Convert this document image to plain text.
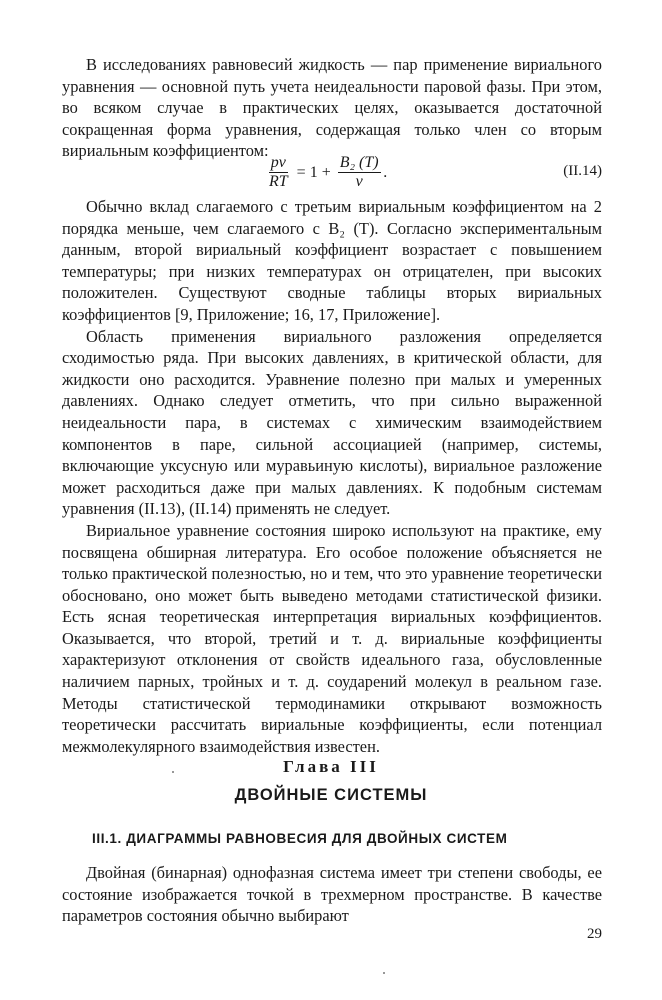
В исследованиях равновесий жидкость — пар применение вириального уравнения — основной путь учета неидеальности паровой фазы. При этом, во всяком случае в практических целях, оказывается достаточной сокращенная форма уравнения, содержащая только член со вторым вириальным коэффициентом:

$\frac{pv}{RT} = 1 + \frac{\text{B₂ (T)}}{v}$ .	(II.14)

Обычно вклад слагаемого с третьим вириальным коэффициентом на 2 порядка меньше, чем слагаемого с B₂ (T). Согласно экспериментальным данным, второй вириальный коэффициент возрастает с повышением температуры; при низких температурах он отрицателен, при высоких положителен. Существуют сводные таблицы вторых вириальных коэффициентов [9, Приложение; 16, 17, Приложение].

Область применения вириального разложения определяется сходимостью ряда. При высоких давлениях, в критической области, для жидкости оно расходится. Уравнение полезно при малых и умеренных давлениях. Однако следует отметить, что при сильно выраженной неидеальности пара, в системах с химическим взаимодействием компонентов в паре, сильной ассоциацией (например, системы, включающие уксусную или муравьиную кислоты), вириальное разложение может расходиться даже при малых давлениях. К подобным системам уравнения (II.13), (II.14) применять не следует.

Вириальное уравнение состояния широко используют на практике, ему посвящена обширная литература. Его особое положение объясняется не только практической полезностью, но и тем, что это уравнение теоретически обосновано, оно может быть выведено методами статистической физики. Есть ясная теоретическая интерпретация вириальных коэффициентов. Оказывается, что второй, третий и т. д. вириальные коэффициенты характеризуют отклонения от свойств идеального газа, обусловленные наличием парных, тройных и т. д. соударений молекул в реальном газе. Методы статистической термодинамики открывают возможность теоретически рассчитать вириальные коэффициенты, если потенциал межмолекулярного взаимодействия известен.

Глава III
ДВОЙНЫЕ СИСТЕМЫ
III.1. ДИАГРАММЫ РАВНОВЕСИЯ ДЛЯ ДВОЙНЫХ СИСТЕМ

Двойная (бинарная) однофазная система имеет три степени свободы, ее состояние изображается точкой в трехмерном пространстве. В качестве параметров состояния обычно выбирают

29
